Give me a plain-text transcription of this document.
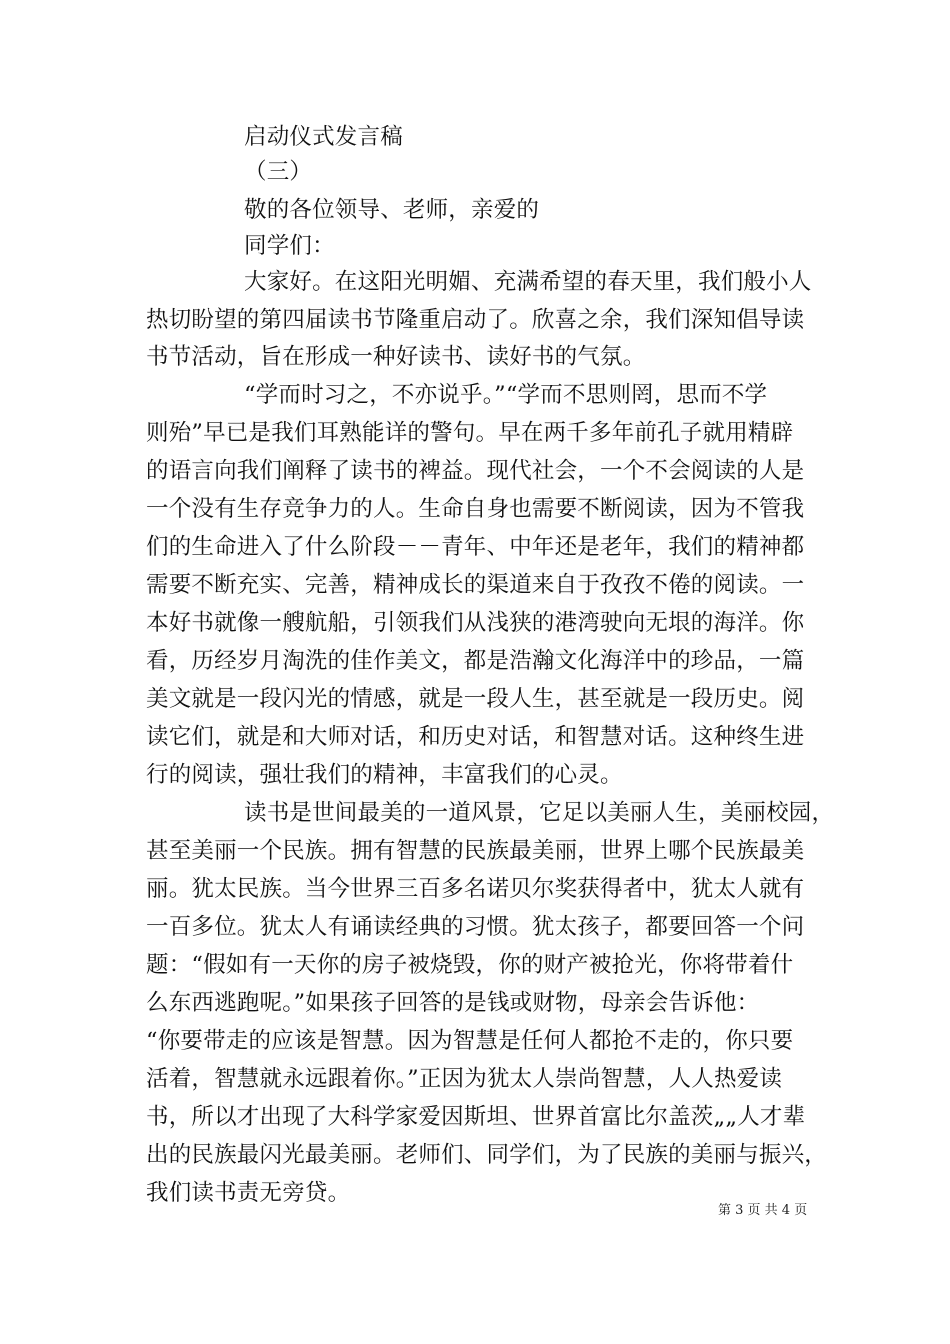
启动仪式发言稿
（三）
敬的各位领导、老师，亲爱的
同学们：
大家好。在这阳光明媚、充满希望的春天里，我们般小人
热切盼望的第四届读书节隆重启动了。欣喜之余，我们深知倡导读
书节活动，旨在形成一种好读书、读好书的气氛。
“学而时习之，不亦说乎。”“学而不思则罔，思而不学
则殆”早已是我们耳熟能详的警句。早在两千多年前孔子就用精辟
的语言向我们阐释了读书的裨益。现代社会，一个不会阅读的人是
一个没有生存竞争力的人。生命自身也需要不断阅读，因为不管我
们的生命进入了什么阶段－－青年、中年还是老年，我们的精神都
需要不断充实、完善，精神成长的渠道来自于孜孜不倦的阅读。一
本好书就像一艘航船，引领我们从浅狭的港湾驶向无垠的海洋。你
看，历经岁月淘洗的佳作美文，都是浩瀚文化海洋中的珍品，一篇
美文就是一段闪光的情感，就是一段人生，甚至就是一段历史。阅
读它们，就是和大师对话，和历史对话，和智慧对话。这种终生进
行的阅读，强壮我们的精神，丰富我们的心灵。
读书是世间最美的一道风景，它足以美丽人生，美丽校园，
甚至美丽一个民族。拥有智慧的民族最美丽，世界上哪个民族最美
丽。犹太民族。当今世界三百多名诺贝尔奖获得者中，犹太人就有
一百多位。犹太人有诵读经典的习惯。犹太孩子，都要回答一个问
题：“假如有一天你的房子被烧毁，你的财产被抢光，你将带着什
么东西逃跑呢。”如果孩子回答的是钱或财物，母亲会告诉他：
“你要带走的应该是智慧。因为智慧是任何人都抢不走的，你只要
活着，智慧就永远跟着你。”正因为犹太人崇尚智慧，人人热爱读
书，所以才出现了大科学家爱因斯坦、世界首富比尔盖茨„„人才辈
出的民族最闪光最美丽。老师们、同学们，为了民族的美丽与振兴，
我们读书责无旁贷。
第 3 页 共 4 页
